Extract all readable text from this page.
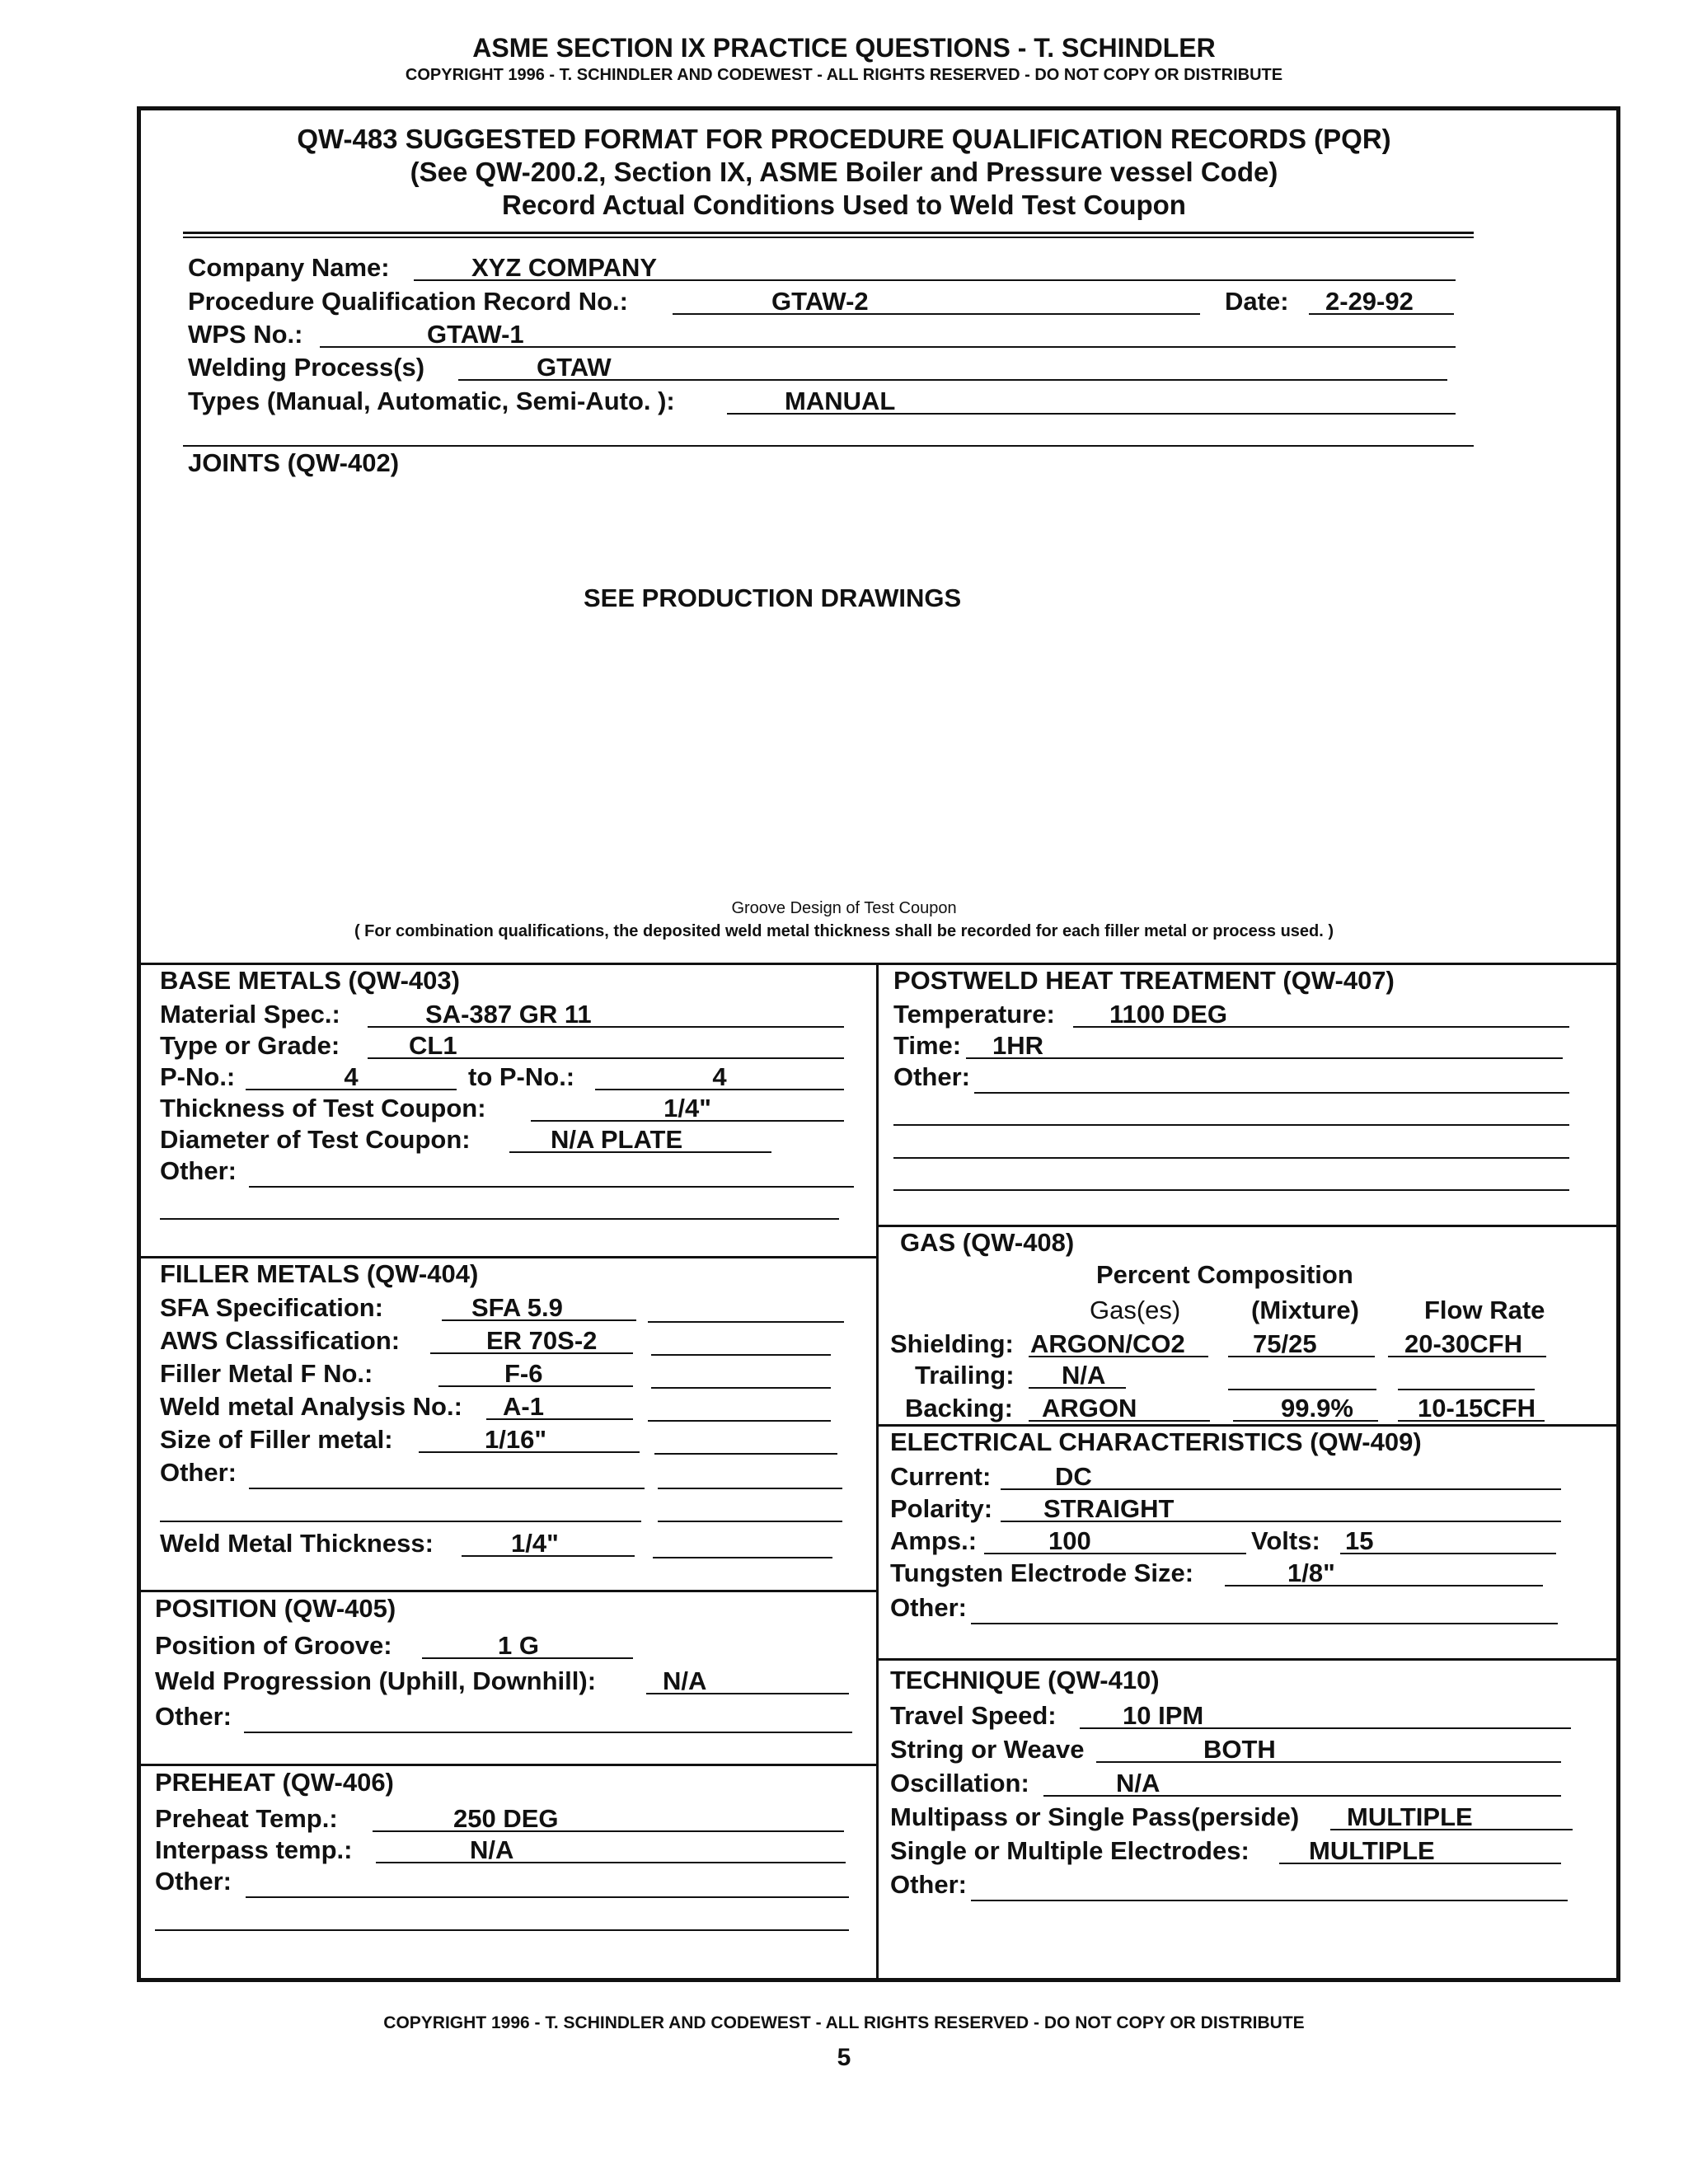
ASME SECTION IX PRACTICE QUESTIONS - T. SCHINDLER
COPYRIGHT 1996 - T. SCHINDLER AND CODEWEST - ALL RIGHTS RESERVED - DO NOT COPY OR DISTRIBUTE
QW-483 SUGGESTED FORMAT FOR PROCEDURE QUALIFICATION RECORDS (PQR)
(See QW-200.2, Section IX, ASME Boiler and Pressure vessel Code)
Record Actual Conditions Used to Weld Test Coupon
Company Name:	XYZ COMPANY
Procedure Qualification Record No.:	GTAW-2	Date:	2-29-92
WPS No.:	GTAW-1
Welding Process(s)	GTAW
Types (Manual, Automatic, Semi-Auto. ):	MANUAL
JOINTS (QW-402)
SEE PRODUCTION DRAWINGS
Groove Design of Test Coupon
( For combination qualifications, the deposited weld metal thickness shall be recorded for each filler metal or process used. )
BASE METALS (QW-403)
Material Spec.:	SA-387 GR 11
Type or Grade:	CL1
P-No.:	4	to P-No.:	4
Thickness of Test Coupon:	1/4"
Diameter of Test Coupon:	N/A PLATE
Other:
FILLER METALS (QW-404)
SFA Specification:	SFA 5.9
AWS Classification:	ER 70S-2
Filler Metal F No.:	F-6
Weld metal Analysis No.:	A-1
Size of Filler metal:	1/16"
Other:
Weld Metal Thickness:	1/4"
POSITION (QW-405)
Position of Groove:	1 G
Weld Progression (Uphill, Downhill):	N/A
Other:
PREHEAT (QW-406)
Preheat Temp.:	250 DEG
Interpass temp.:	N/A
Other:
POSTWELD HEAT TREATMENT (QW-407)
Temperature:	1100 DEG
Time:	1HR
Other:
GAS (QW-408)
Percent Composition
Gas(es)	(Mixture)	Flow Rate
Shielding: ARGON/CO2	75/25	20-30CFH
Trailing:	N/A
Backing:	ARGON	99.9%	10-15CFH
ELECTRICAL CHARACTERISTICS (QW-409)
Current:	DC
Polarity:	STRAIGHT
Amps.:	100	Volts: 15
Tungsten Electrode Size:	1/8"
Other:
TECHNIQUE (QW-410)
Travel Speed:	10 IPM
String or Weave	BOTH
Oscillation:	N/A
Multipass or Single Pass(perside)	MULTIPLE
Single or Multiple Electrodes:	MULTIPLE
Other:
COPYRIGHT 1996 - T. SCHINDLER AND CODEWEST - ALL RIGHTS RESERVED - DO NOT COPY OR DISTRIBUTE
5
